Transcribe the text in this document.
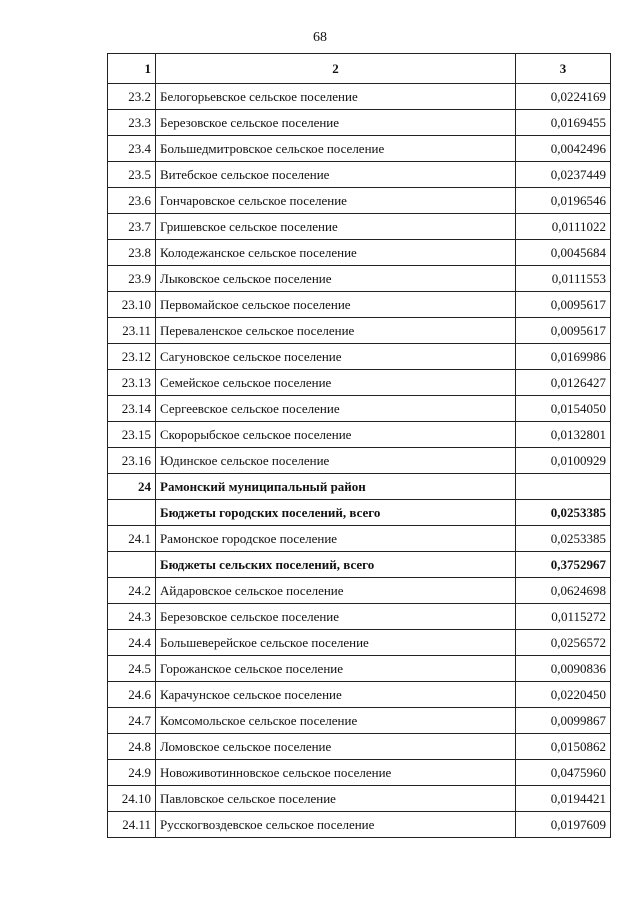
68
1	2	3
23.2	Белогорьевское сельское поселение	0,0224169
23.3	Березовское сельское поселение	0,0169455
23.4	Большедмитровское сельское поселение	0,0042496
23.5	Витебское сельское поселение	0,0237449
23.6	Гончаровское сельское поселение	0,0196546
23.7	Гришевское сельское поселение	0,0111022
23.8	Колодежанское сельское поселение	0,0045684
23.9	Лыковское сельское поселение	0,0111553
23.10	Первомайское сельское поселение	0,0095617
23.11	Перевaленское сельское поселение	0,0095617
23.12	Сагуновское сельское поселение	0,0169986
23.13	Семейское сельское поселение	0,0126427
23.14	Сергеевское сельское поселение	0,0154050
23.15	Скорорыбское сельское поселение	0,0132801
23.16	Юдинское сельское поселение	0,0100929
24	Рамонский муниципальный район	
	Бюджеты городских поселений, всего	0,0253385
24.1	Рамонское городское поселение	0,0253385
	Бюджеты сельских поселений, всего	0,3752967
24.2	Айдаровское сельское поселение	0,0624698
24.3	Березовское сельское поселение	0,0115272
24.4	Большеверейское сельское поселение	0,0256572
24.5	Горожанское сельское поселение	0,0090836
24.6	Карачунское сельское поселение	0,0220450
24.7	Комсомольское сельское поселение	0,0099867
24.8	Ломовское сельское поселение	0,0150862
24.9	Новоживотинновское сельское поселение	0,0475960
24.10	Павловское сельское поселение	0,0194421
24.11	Русскогвоздевское сельское поселение	0,0197609
